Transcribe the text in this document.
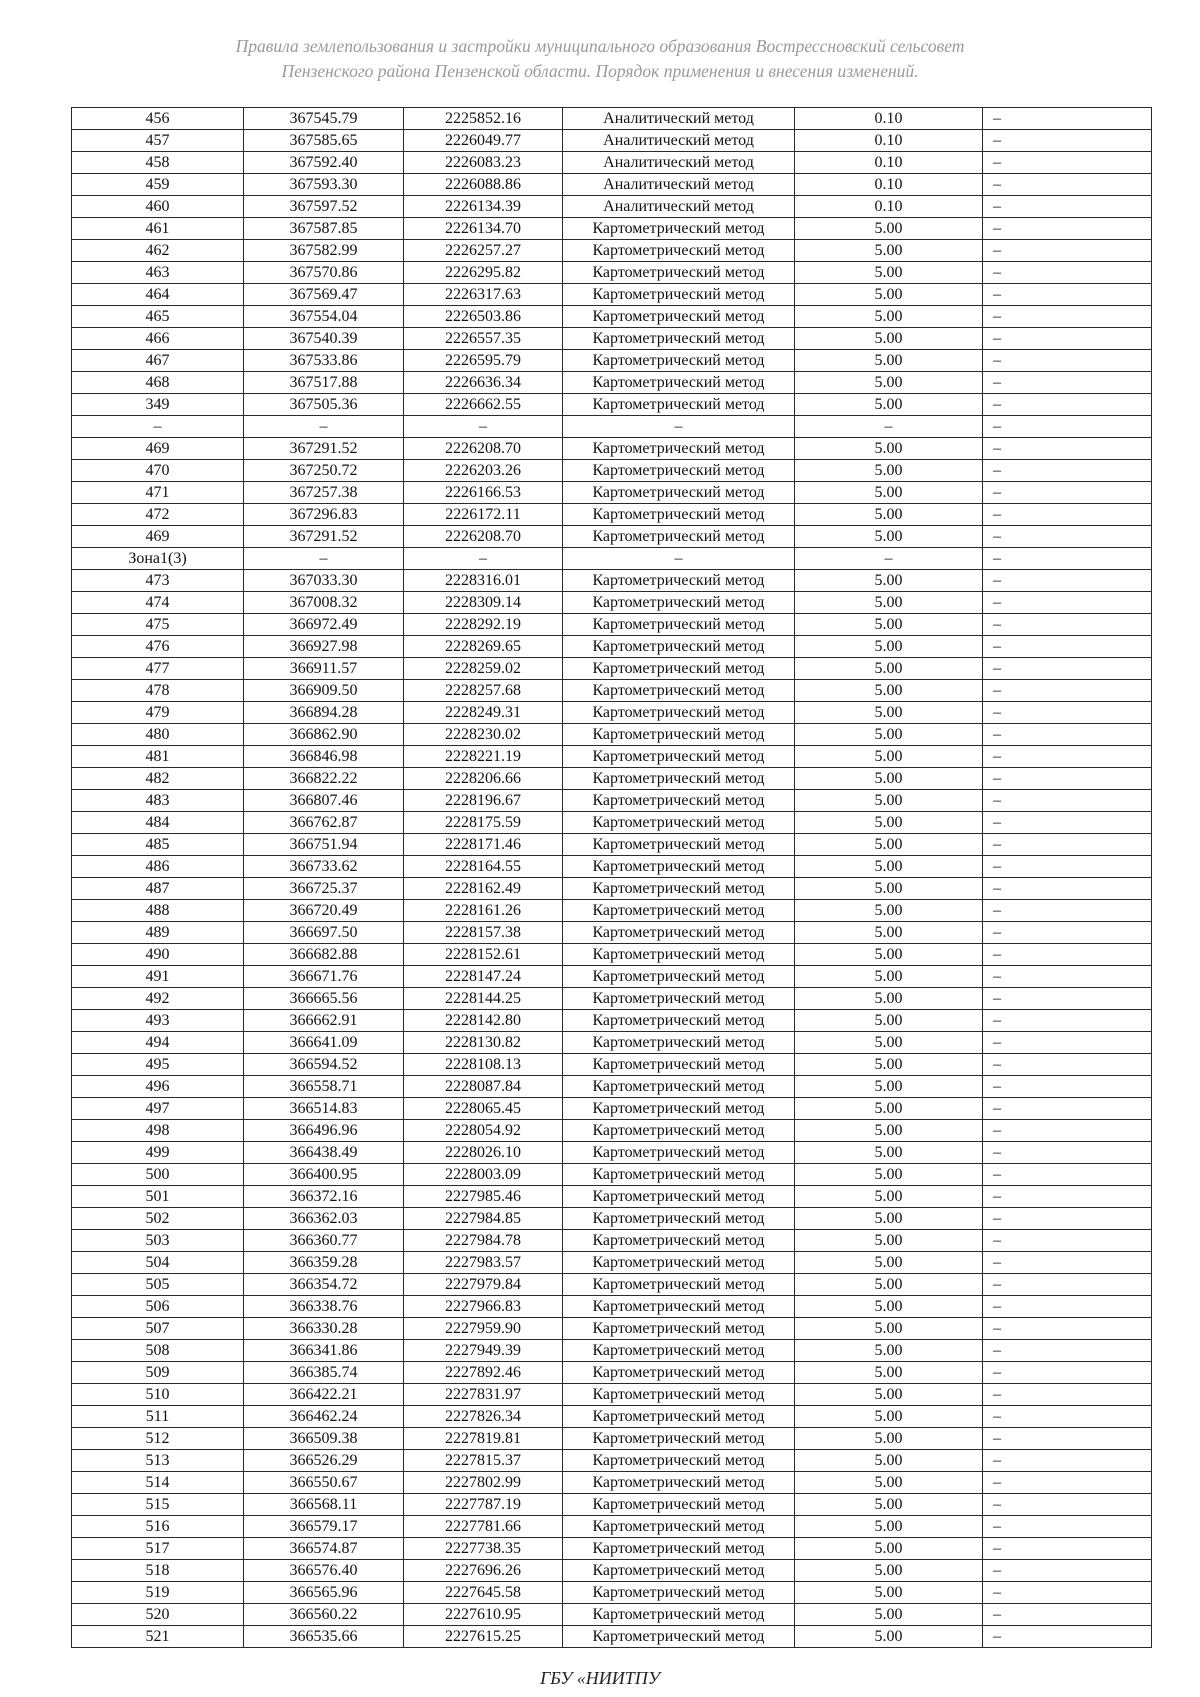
Правила землепользования и застройки муниципального образования Вострессновский сельсовет
Пензенского района Пензенской области. Порядок применения и внесения изменений.
456	367545.79	2225852.16	Аналитический метод	0.10	–
457	367585.65	2226049.77	Аналитический метод	0.10	–
458	367592.40	2226083.23	Аналитический метод	0.10	–
459	367593.30	2226088.86	Аналитический метод	0.10	–
460	367597.52	2226134.39	Аналитический метод	0.10	–
461	367587.85	2226134.70	Картометрический метод	5.00	–
462	367582.99	2226257.27	Картометрический метод	5.00	–
463	367570.86	2226295.82	Картометрический метод	5.00	–
464	367569.47	2226317.63	Картометрический метод	5.00	–
465	367554.04	2226503.86	Картометрический метод	5.00	–
466	367540.39	2226557.35	Картометрический метод	5.00	–
467	367533.86	2226595.79	Картометрический метод	5.00	–
468	367517.88	2226636.34	Картометрический метод	5.00	–
349	367505.36	2226662.55	Картометрический метод	5.00	–
–	–	–	–	–	–
469	367291.52	2226208.70	Картометрический метод	5.00	–
470	367250.72	2226203.26	Картометрический метод	5.00	–
471	367257.38	2226166.53	Картометрический метод	5.00	–
472	367296.83	2226172.11	Картометрический метод	5.00	–
469	367291.52	2226208.70	Картометрический метод	5.00	–
Зона1(3)	–	–	–	–	–
473	367033.30	2228316.01	Картометрический метод	5.00	–
474	367008.32	2228309.14	Картометрический метод	5.00	–
475	366972.49	2228292.19	Картометрический метод	5.00	–
476	366927.98	2228269.65	Картометрический метод	5.00	–
477	366911.57	2228259.02	Картометрический метод	5.00	–
478	366909.50	2228257.68	Картометрический метод	5.00	–
479	366894.28	2228249.31	Картометрический метод	5.00	–
480	366862.90	2228230.02	Картометрический метод	5.00	–
481	366846.98	2228221.19	Картометрический метод	5.00	–
482	366822.22	2228206.66	Картометрический метод	5.00	–
483	366807.46	2228196.67	Картометрический метод	5.00	–
484	366762.87	2228175.59	Картометрический метод	5.00	–
485	366751.94	2228171.46	Картометрический метод	5.00	–
486	366733.62	2228164.55	Картометрический метод	5.00	–
487	366725.37	2228162.49	Картометрический метод	5.00	–
488	366720.49	2228161.26	Картометрический метод	5.00	–
489	366697.50	2228157.38	Картометрический метод	5.00	–
490	366682.88	2228152.61	Картометрический метод	5.00	–
491	366671.76	2228147.24	Картометрический метод	5.00	–
492	366665.56	2228144.25	Картометрический метод	5.00	–
493	366662.91	2228142.80	Картометрический метод	5.00	–
494	366641.09	2228130.82	Картометрический метод	5.00	–
495	366594.52	2228108.13	Картометрический метод	5.00	–
496	366558.71	2228087.84	Картометрический метод	5.00	–
497	366514.83	2228065.45	Картометрический метод	5.00	–
498	366496.96	2228054.92	Картометрический метод	5.00	–
499	366438.49	2228026.10	Картометрический метод	5.00	–
500	366400.95	2228003.09	Картометрический метод	5.00	–
501	366372.16	2227985.46	Картометрический метод	5.00	–
502	366362.03	2227984.85	Картометрический метод	5.00	–
503	366360.77	2227984.78	Картометрический метод	5.00	–
504	366359.28	2227983.57	Картометрический метод	5.00	–
505	366354.72	2227979.84	Картометрический метод	5.00	–
506	366338.76	2227966.83	Картометрический метод	5.00	–
507	366330.28	2227959.90	Картометрический метод	5.00	–
508	366341.86	2227949.39	Картометрический метод	5.00	–
509	366385.74	2227892.46	Картометрический метод	5.00	–
510	366422.21	2227831.97	Картометрический метод	5.00	–
511	366462.24	2227826.34	Картометрический метод	5.00	–
512	366509.38	2227819.81	Картометрический метод	5.00	–
513	366526.29	2227815.37	Картометрический метод	5.00	–
514	366550.67	2227802.99	Картометрический метод	5.00	–
515	366568.11	2227787.19	Картометрический метод	5.00	–
516	366579.17	2227781.66	Картометрический метод	5.00	–
517	366574.87	2227738.35	Картометрический метод	5.00	–
518	366576.40	2227696.26	Картометрический метод	5.00	–
519	366565.96	2227645.58	Картометрический метод	5.00	–
520	366560.22	2227610.95	Картометрический метод	5.00	–
521	366535.66	2227615.25	Картометрический метод	5.00	–
ГБУ «НИИТПУ
